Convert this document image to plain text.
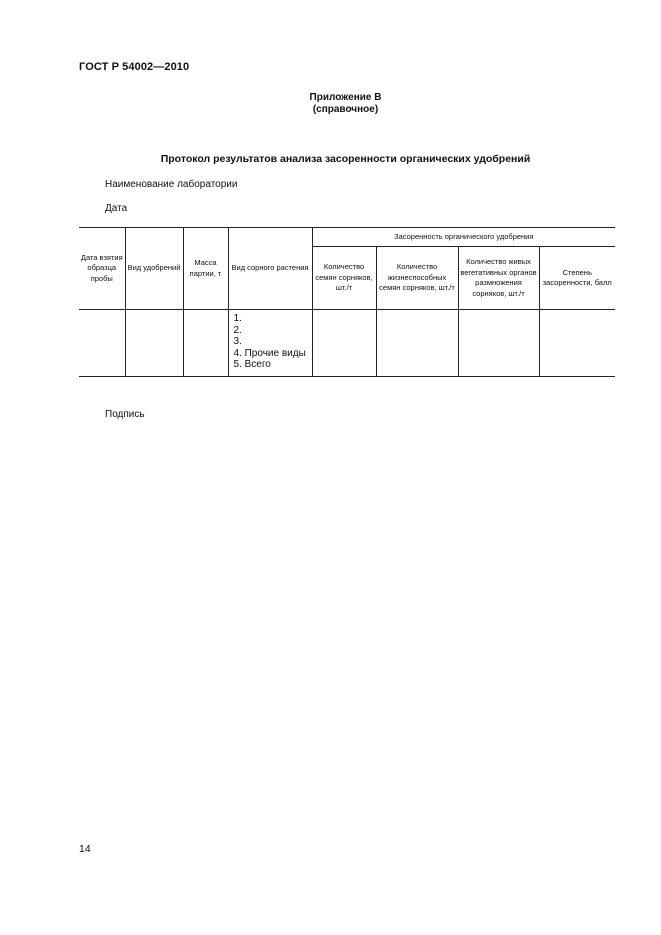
ГОСТ Р 54002—2010
Приложение В
(справочное)
Протокол результатов анализа засоренности органических удобрений
Наименование лаборатории
Дата
Дата взятия образца пробы	Вид удобрений	Масса партии, т	Вид сорного растения	Засоренность органического удобрения			
				Количество семян сорняков, шт./т	Количество жизнеспособных семян сорняков, шт./т	Количество живых вегетативных органов размножения сорняков, шт./т	Степень засоренности, балл

			1.
2.
3.
4. Прочие виды
5. Всего				

Подпись
14
